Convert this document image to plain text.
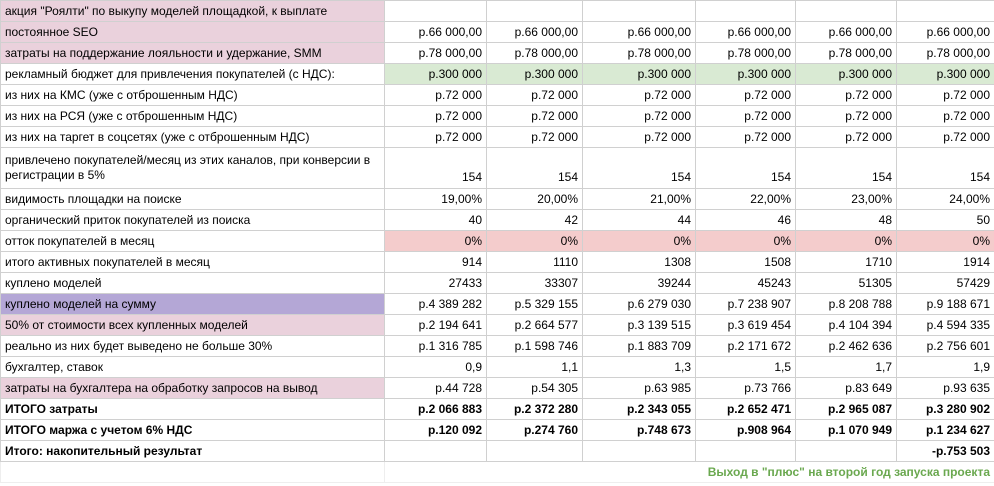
акция "Роялти" по выкупу моделей площадкой, к выплате						
постоянное SEO	р.66 000,00	р.66 000,00	р.66 000,00	р.66 000,00	р.66 000,00	р.66 000,00
затраты на поддержание лояльности и удержание, SMM	р.78 000,00	р.78 000,00	р.78 000,00	р.78 000,00	р.78 000,00	р.78 000,00
рекламный бюджет для привлечения покупателей (с НДС):	р.300 000	р.300 000	р.300 000	р.300 000	р.300 000	р.300 000
из них на КМС (уже с отброшенным НДС)	р.72 000	р.72 000	р.72 000	р.72 000	р.72 000	р.72 000
из них на РСЯ (уже с отброшенным НДС)	р.72 000	р.72 000	р.72 000	р.72 000	р.72 000	р.72 000
из них на таргет в соцсетях (уже с отброшенным НДС)	р.72 000	р.72 000	р.72 000	р.72 000	р.72 000	р.72 000
привлечено покупателей/месяц из этих каналов, при конверсии в регистрации в 5%	154	154	154	154	154	154
видимость площадки на поиске	19,00%	20,00%	21,00%	22,00%	23,00%	24,00%
органический приток покупателей из поиска	40	42	44	46	48	50
отток покупателей в месяц	0%	0%	0%	0%	0%	0%
итого активных покупателей в месяц	914	1110	1308	1508	1710	1914
куплено моделей	27433	33307	39244	45243	51305	57429
куплено моделей на сумму	р.4 389 282	р.5 329 155	р.6 279 030	р.7 238 907	р.8 208 788	р.9 188 671
50% от стоимости всех купленных моделей	р.2 194 641	р.2 664 577	р.3 139 515	р.3 619 454	р.4 104 394	р.4 594 335
реально из них будет выведено не больше 30%	р.1 316 785	р.1 598 746	р.1 883 709	р.2 171 672	р.2 462 636	р.2 756 601
бухгалтер, ставок	0,9	1,1	1,3	1,5	1,7	1,9
затраты на бухгалтера на обработку запросов на вывод	р.44 728	р.54 305	р.63 985	р.73 766	р.83 649	р.93 635
ИТОГО затраты	р.2 066 883	р.2 372 280	р.2 343 055	р.2 652 471	р.2 965 087	р.3 280 902
ИТОГО маржа с учетом 6% НДС	р.120 092	р.274 760	р.748 673	р.908 964	р.1 070 949	р.1 234 627
Итого: накопительный результат						-р.753 503
	Выход в "плюс" на второй год запуска проекта					
